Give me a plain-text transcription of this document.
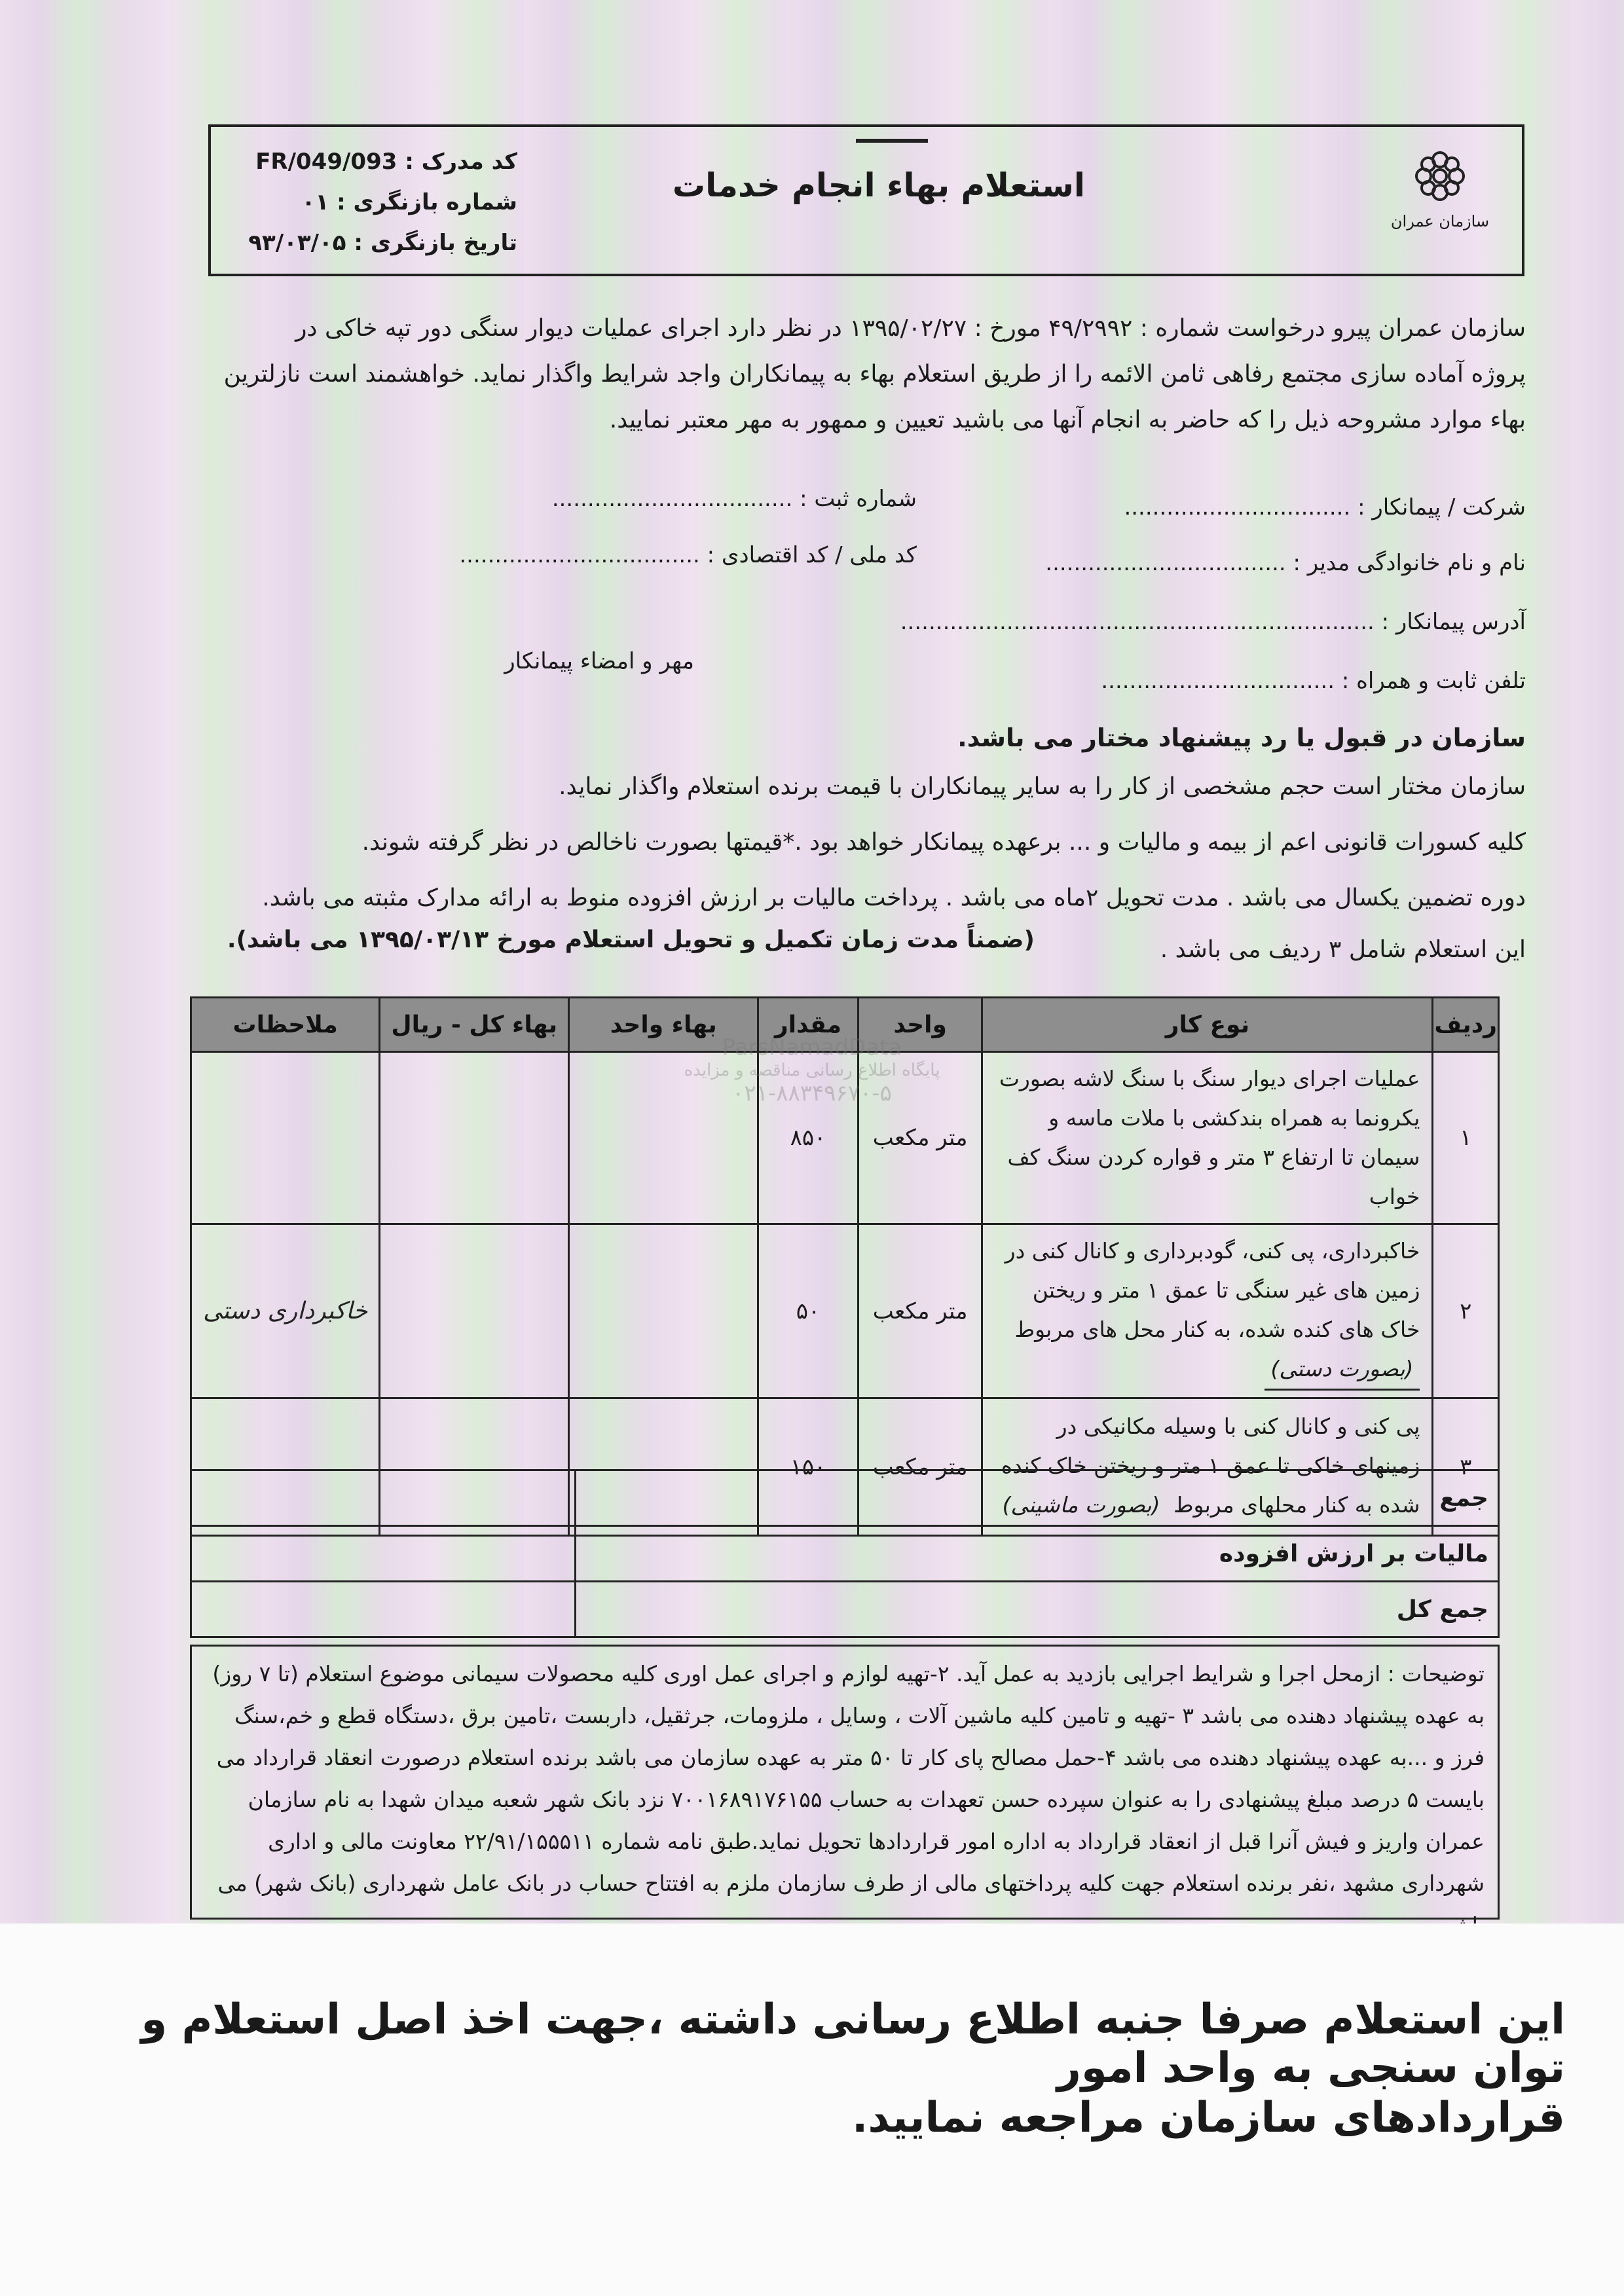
کد مدرک : FR/049/093
شماره بازنگری : ۰۱
تاریخ بازنگری : ۹۳/۰۳/۰۵
استعلام بهاء انجام خدمات
سازمان عمران
سازمان عمران پیرو درخواست شماره : ۴۹/۲۹۹۲ مورخ : ۱۳۹۵/۰۲/۲۷ در نظر دارد اجرای عملیات دیوار سنگی دور تپه خاکی در
پروژه آماده سازی مجتمع رفاهی ثامن الائمه را از طریق استعلام بهاء به پیمانکاران واجد شرایط واگذار نماید. خواهشمند است نازلترین
بهاء موارد مشروحه ذیل را که حاضر به انجام آنها می باشید تعیین و ممهور به مهر معتبر نمایید.
شرکت / پیمانکار : ................................
شماره ثبت : ..................................
نام و نام خانوادگی مدیر : ..................................
کد ملی / کد اقتصادی : ..................................
آدرس پیمانکار : ...................................................................
تلفن ثابت و همراه : .................................
مهر و امضاء پیمانکار
سازمان در قبول یا رد پیشنهاد مختار می باشد.
سازمان مختار است حجم مشخصی از کار را به سایر پیمانکاران با قیمت برنده استعلام واگذار نماید.
کلیه کسورات قانونی اعم از بیمه و مالیات و ... برعهده پیمانکار خواهد بود .*قیمتها بصورت ناخالص در نظر گرفته شوند.
دوره تضمین یکسال می باشد . مدت تحویل ۲ماه می باشد . پرداخت مالیات بر ارزش افزوده منوط به ارائه مدارک مثبته می باشد.
این استعلام شامل ۳ ردیف می باشد .
(ضمناً مدت زمان تکمیل و تحویل استعلام مورخ ۱۳۹۵/۰۳/۱۳ می باشد).
ردیف	نوع کار	واحد	مقدار	بهاء واحد	بهاء کل - ریال	ملاحظات
۱	عملیات اجرای دیوار سنگ با سنگ لاشه بصورت یکرونما به همراه بندکشی با ملات ماسه و سیمان تا ارتفاع ۳ متر و قواره کردن سنگ کف خواب	متر مکعب	۸۵۰			
۲	خاکبرداری، پی کنی، گودبرداری و کانال کنی در زمین های غیر سنگی تا عمق ۱ متر و ریختن خاک های کنده شده، به کنار محل های مربوط (بصورت دستی)	متر مکعب	۵۰			خاکبرداری دستی
۳	پی کنی و کانال کنی با وسیله مکانیکی در زمینهای خاکی تا عمق ۱ متر و ریختن خاک کنده شده به کنار محلهای مربوط (بصورت ماشینی)	متر مکعب	۱۵۰			
ParsNamadData
پایگاه اطلاع رسانی مناقصه و مزایده
۰۲۱-۸۸۳۴۹۶۷۰-۵
جمع	
مالیات بر ارزش افزوده	
جمع کل	
توضیحات : ازمحل اجرا و شرایط اجرایی بازدید به عمل آید. ۲-تهیه لوازم و اجرای عمل اوری کلیه محصولات سیمانی موضوع استعلام (تا ۷ روز) به عهده پیشنهاد دهنده می باشد ۳ -تهیه و تامین کلیه ماشین آلات ، وسایل ، ملزومات، جرثقیل، داربست ،تامین برق ،دستگاه قطع و خم،سنگ فرز و ...به عهده پیشنهاد دهنده می باشد ۴-حمل مصالح پای کار تا ۵۰ متر به عهده سازمان می باشد برنده استعلام درصورت انعقاد قرارداد می بایست ۵ درصد مبلغ پیشنهادی را به عنوان سپرده حسن تعهدات به حساب ۷۰۰۱۶۸۹۱۷۶۱۵۵ نزد بانک شهر شعبه میدان شهدا به نام سازمان عمران واریز و فیش آنرا قبل از انعقاد قرارداد به اداره امور قراردادها تحویل نماید.طبق نامه شماره ۲۲/۹۱/۱۵۵۵۱۱ معاونت مالی و اداری شهرداری مشهد ،نفر برنده استعلام جهت کلیه پرداختهای مالی از طرف سازمان ملزم به افتتاح حساب در بانک عامل شهرداری (بانک شهر) می

این استعلام صرفا جنبه اطلاع رسانی داشته ،جهت اخذ اصل استعلام و توان سنجی به واحد امور

قراردادهای سازمان مراجعه نمایید.
